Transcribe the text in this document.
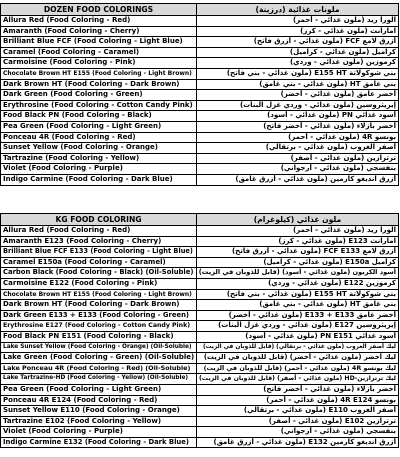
DOZEN FOOD COLORINGS	ملونات غذائية (درزينة)
Allura Red (Food Coloring - Red)	الورا ريد (ملون غذائي - أحمر)
Amaranth (Food Coloring - Cherry)	امارانث (ملون غذائي - كرز)
Brilliant Blue FCF (Food Coloring - Light Blue)	أزرق لامع FCF (ملون غذائي - أزرق فاتح)
Caramel (Food Coloring - Caramel)	كراميل (ملون غذائي - كراميل)
Carmoisine (Food Coloring - Pink)	كرموزين (ملون غذائي - وردي)
Chocolate Brown HT E155 (Food Coloring - Light Brown)	بني شوكولاتة E155 HT (ملون غذائي - بني فاتح)
Dark Brown HT (Food Coloring - Dark Brown)	بني غامق HT (ملون غذائي - بني غامق)
Dark Green (Food Coloring - Green)	أخضر غامق (ملون غذائي - أخضر)
Erythrosine (Food Coloring - Cotton Candy Pink)	إيريثروسين (ملون غذائي - وردي غزل البنات)
Food Black PN (Food Coloring - Black)	أسود غذائي PN (ملون غذائي - أسود)
Pea Green (Food Coloring - Light Green)	أخضر بازلاء (ملون غذائي - أخضر فاتح)
Ponceau 4R (Food Coloring - Red)	بونسو 4R (ملون غذائي - أحمر)
Sunset Yellow (Food Coloring - Orange)	أصفر الغروب (ملون غذائي - برتقالي)
Tartrazine (Food Coloring - Yellow)	ترترازين (ملون غذائي - أصفر)
Violet (Food Coloring - Purple)	بنفسجي (ملون غذائي - أرجواني)
Indigo Carmine (Food Coloring - Dark Blue)	أزرق انديغو كارمين (ملون غذائي - أزرق غامق)
KG FOOD COLORING	ملون غذائي (كيلوغرام)
Allura Red (Food Coloring - Red)	الورا ريد (ملون غذائي - أحمر)
Amaranth E123 (Food Coloring - Cherry)	امارانث E123 (ملون غذائي - كرز)
Brilliant Blue FCF E133 (Food Coloring - Light Blue)	أزرق لامع FCF E133 (ملون غذائي - أزرق فاتح)
Caramel E150a (Food Coloring - Caramel)	كراميل E150a (ملون غذائي - كراميل)
Carbon Black (Food Coloring - Black) (Oil-Soluble)	أسود الكربون (ملون غذائي - أسود) (قابل للذوبان في الزيت)
Carmoisine E122 (Food Coloring - Pink)	كرموزين E122 (ملون غذائي - وردي)
Chocolate Brown HT E155 (Food Coloring - Light Brown)	بني شوكولاتة E155 HT (ملون غذائي - بني فاتح)
Dark Brown HT (Food Coloring - Dark Brown)	بني غامق HT (ملون غذائي - بني غامق)
Dark Green E133 + E133 (Food Coloring - Green)	أخضر غامق E133 + E133 (ملون غذائي - أخضر)
Erythrosine E127 (Food Coloring - Cotton Candy Pink)	إيريثروسين E127 (ملون غذائي - وردي غزل البنات)
Food Black PN E151 (Food Coloring - Black)	أسود غذائي PN E151 (ملون غذائي - أسود)
Lake Sunset Yellow (Food Coloring - Orange) (Oil-Soluble)	ليك أصفر الغروب (ملون غذائي - برتقالي) (قابل للذوبان في الزيت)
Lake Green (Food Coloring - Green) (Oil-Soluble)	ليك أخضر (ملون غذائي - أخضر) (قابل للذوبان في الزيت)
Lake Ponceau 4R (Food Coloring - Red) (Oil-Soluble)	ليك بونسو 4R (ملون غذائي - أحمر) (قابل للذوبان في الزيت)
Lake Tartrazine-HD (Food Coloring - Yellow) (Oil-Soluble)	ليك ترترازين-HD (ملون غذائي - أصفر) (قابل للذوبان في الزيت)
Pea Green (Food Coloring - Light Green)	أخضر بازلاء (ملون غذائي - أخضر فاتح)
Ponceau 4R E124 (Food Coloring - Red)	بونسو 4R E124 (ملون غذائي - أحمر)
Sunset Yellow E110 (Food Coloring - Orange)	أصفر الغروب E110 (ملون غذائي - برتقالي)
Tartrazine E102 (Food Coloring - Yellow)	ترترازين E102 (ملون غذائي - أصفر)
Violet (Food Coloring - Purple)	بنفسجي (ملون غذائي - أرجواني)
Indigo Carmine E132 (Food Coloring - Dark Blue)	أزرق انديغو كارمين E132 (ملون غذائي - أزرق غامق)
